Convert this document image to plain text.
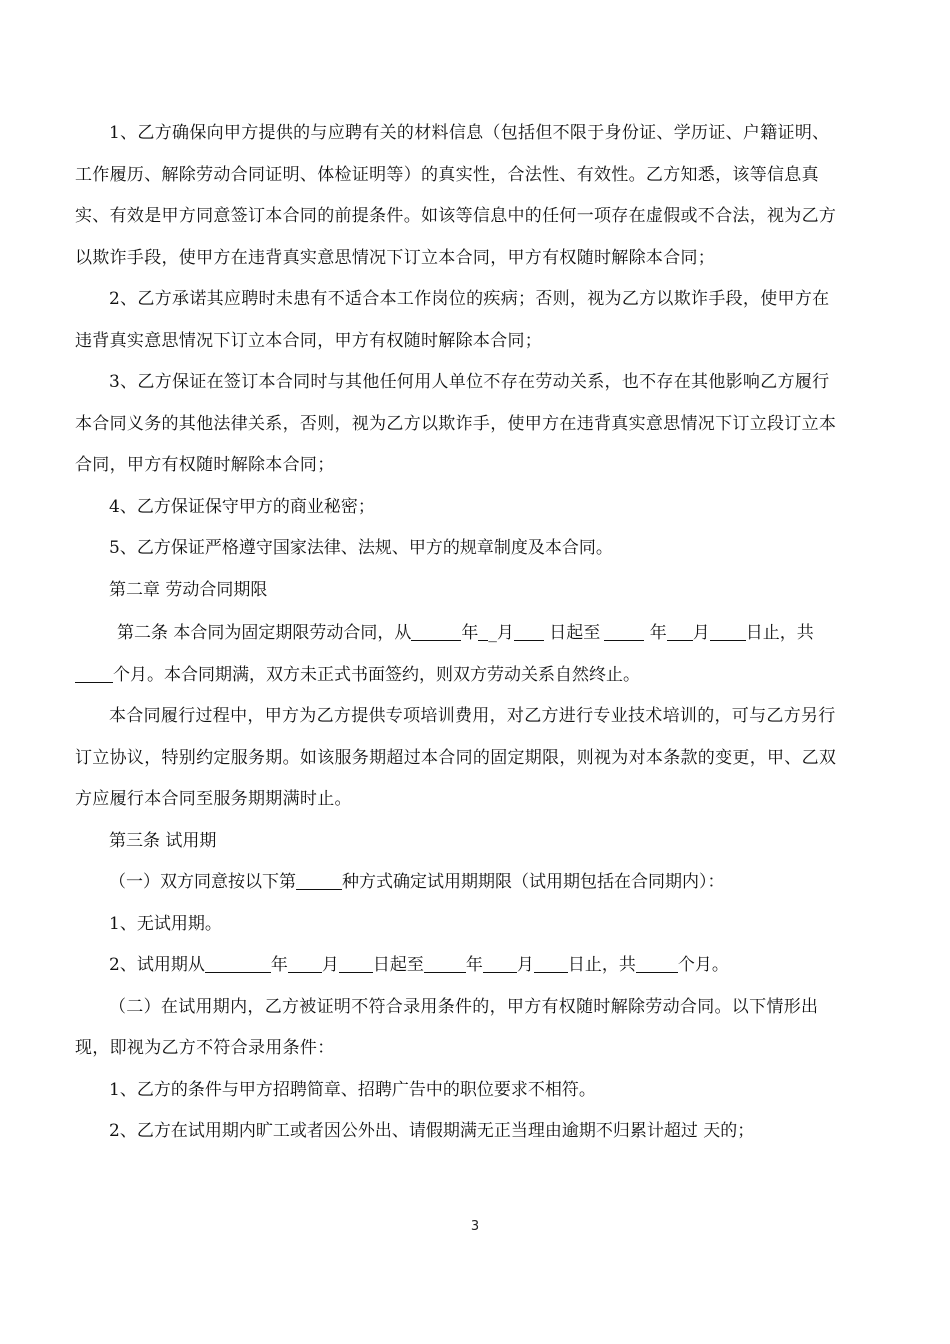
1、乙方确保向甲方提供的与应聘有关的材料信息（包括但不限于身份证、学历证、户籍证明、工作履历、解除劳动合同证明、体检证明等）的真实性，合法性、有效性。乙方知悉，该等信息真实、有效是甲方同意签订本合同的前提条件。如该等信息中的任何一项存在虚假或不合法，视为乙方以欺诈手段，使甲方在违背真实意思情况下订立本合同，甲方有权随时解除本合同；

2、乙方承诺其应聘时未患有不适合本工作岗位的疾病；否则，视为乙方以欺诈手段，使甲方在违背真实意思情况下订立本合同，甲方有权随时解除本合同；

3、乙方保证在签订本合同时与其他任何用人单位不存在劳动关系，也不存在其他影响乙方履行本合同义务的其他法律关系，否则，视为乙方以欺诈手，使甲方在违背真实意思情况下订立段订立本合同，甲方有权随时解除本合同；

4、乙方保证保守甲方的商业秘密；

5、乙方保证严格遵守国家法律、法规、甲方的规章制度及本合同。

第二章 劳动合同期限

第二条 本合同为固定期限劳动合同，从	年 _月 日起至	年 月 日止，共个月。本合同期满，双方未正式书面签约，则双方劳动关系自然终止。

本合同履行过程中，甲方为乙方提供专项培训费用，对乙方进行专业技术培训的，可与乙方另行订立协议，特别约定服务期。如该服务期超过本合同的固定期限，则视为对本条款的变更，甲、乙双方应履行本合同至服务期期满时止。

第三条 试用期

（一）双方同意按以下第	种方式确定试用期期限（试用期包括在合同期内）：

1、无试用期。

2、试用期从	年 月 日起至 年 月 日止，共 个月。

（二）在试用期内，乙方被证明不符合录用条件的，甲方有权随时解除劳动合同。以下情形出现，即视为乙方不符合录用条件：

1、乙方的条件与甲方招聘简章、招聘广告中的职位要求不相符。

2、乙方在试用期内旷工或者因公外出、请假期满无正当理由逾期不归累计超过 天的；

3
